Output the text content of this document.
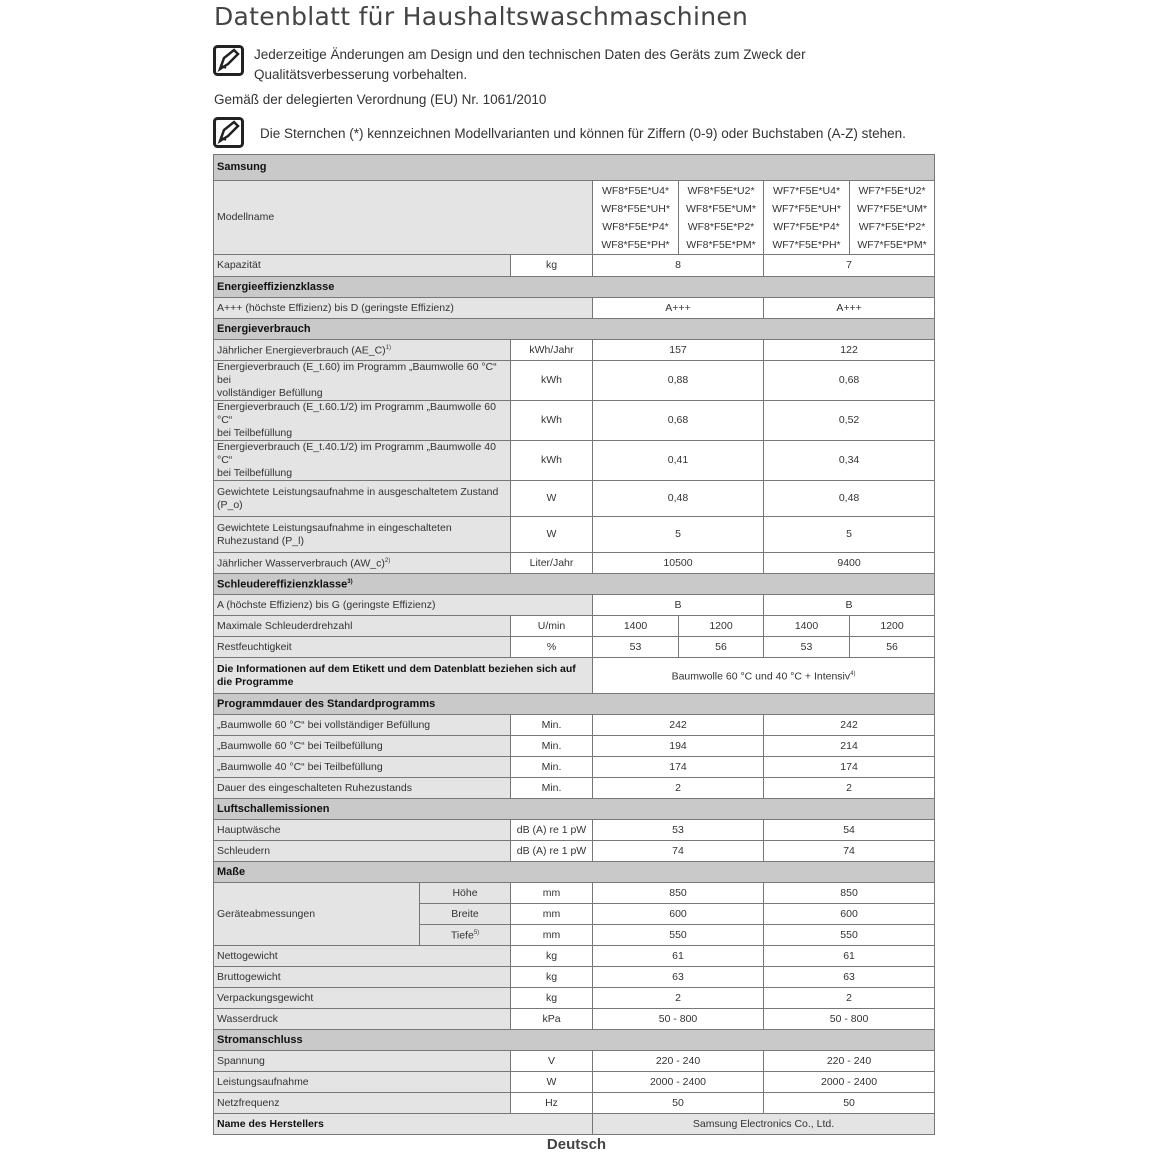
Datenblatt für Haushaltswaschmaschinen
Jederzeitige Änderungen am Design und den technischen Daten des Geräts zum Zweck der
Qualitätsverbesserung vorbehalten.
Gemäß der delegierten Verordnung (EU) Nr. 1061/2010
Die Sternchen (*) kennzeichnen Modellvarianten und können für Ziffern (0-9) oder Buchstaben (A-Z) stehen.
Samsung						
Modellname			WF8*F5E*U4*
WF8*F5E*UH*
WF8*F5E*P4*
WF8*F5E*PH*	WF8*F5E*U2*
WF8*F5E*UM*
WF8*F5E*P2*
WF8*F5E*PM*	WF7*F5E*U4*
WF7*F5E*UH*
WF7*F5E*P4*
WF7*F5E*PH*	WF7*F5E*U2*
WF7*F5E*UM*
WF7*F5E*P2*
WF7*F5E*PM*

Kapazität		kg	8		7	
Energieeffizienzklasse						
A+++ (höchste Effizienz) bis D (geringste Effizienz)			A+++		A+++	
Energieverbrauch						
Jährlicher Energieverbrauch (AE_C)$^{1)}$		kWh/Jahr	157		122	

Energieverbrauch (E_t.60) im Programm „Baumwolle 60 °C“ bei
vollständiger Befüllung		kWh	0,88		0,68	

Energieverbrauch (E_t.60.1/2) im Programm „Baumwolle 60 °C“
bei Teilbefüllung		kWh	0,68		0,52	

Energieverbrauch (E_t.40.1/2) im Programm „Baumwolle 40 °C“
bei Teilbefüllung		kWh	0,41		0,34	

Gewichtete Leistungsaufnahme in ausgeschaltetem Zustand
(P_o)		W	0,48		0,48	

Gewichtete Leistungsaufnahme in eingeschalteten
Ruhezustand (P_l)		W	5		5	
Jährlicher Wasserverbrauch (AW_c)$^{2)}$		Liter/Jahr	10500		9400	
Schleudereffizienzklasse$^{3)}$
A (höchste Effizienz) bis G (geringste Effizienz)			B		B	
Maximale Schleuderdrehzahl		U/min	1400	1200	1400	1200
Restfeuchtigkeit		%	53	56	53	56
Die Informationen auf dem Etikett und dem Datenblatt beziehen sich auf die Programme			Baumwolle 60 °C und 40 °C + Intensiv$^{4)}$
Programmdauer des Standardprogramms						
„Baumwolle 60 °C“ bei vollständiger Befüllung		Min.	242		242	
„Baumwolle 60 °C“ bei Teilbefüllung		Min.	194		214	
„Baumwolle 40 °C“ bei Teilbefüllung		Min.	174		174	
Dauer des eingeschalteten Ruhezustands		Min.	2		2	
Luftschallemissionen						
Hauptwäsche		dB (A) re 1 pW	53		54	
Schleudern		dB (A) re 1 pW	74		74	
Maße						
Geräteabmessungen	Höhe	mm	850		850	
	Breite	mm	600		600	
	Tiefe$^{5)}$	mm	550		550	
Nettogewicht		kg	61		61	
Bruttogewicht		kg	63		63	
Verpackungsgewicht		kg	2		2	
Wasserdruck		kPa	50 - 800		50 - 800	
Stromanschluss						
Spannung		V	220 - 240		220 - 240	
Leistungsaufnahme		W	2000 - 2400		2000 - 2400	
Netzfrequenz		Hz	50		50	
Name des Herstellers			Samsung Electronics Co., Ltd.			
Deutsch
